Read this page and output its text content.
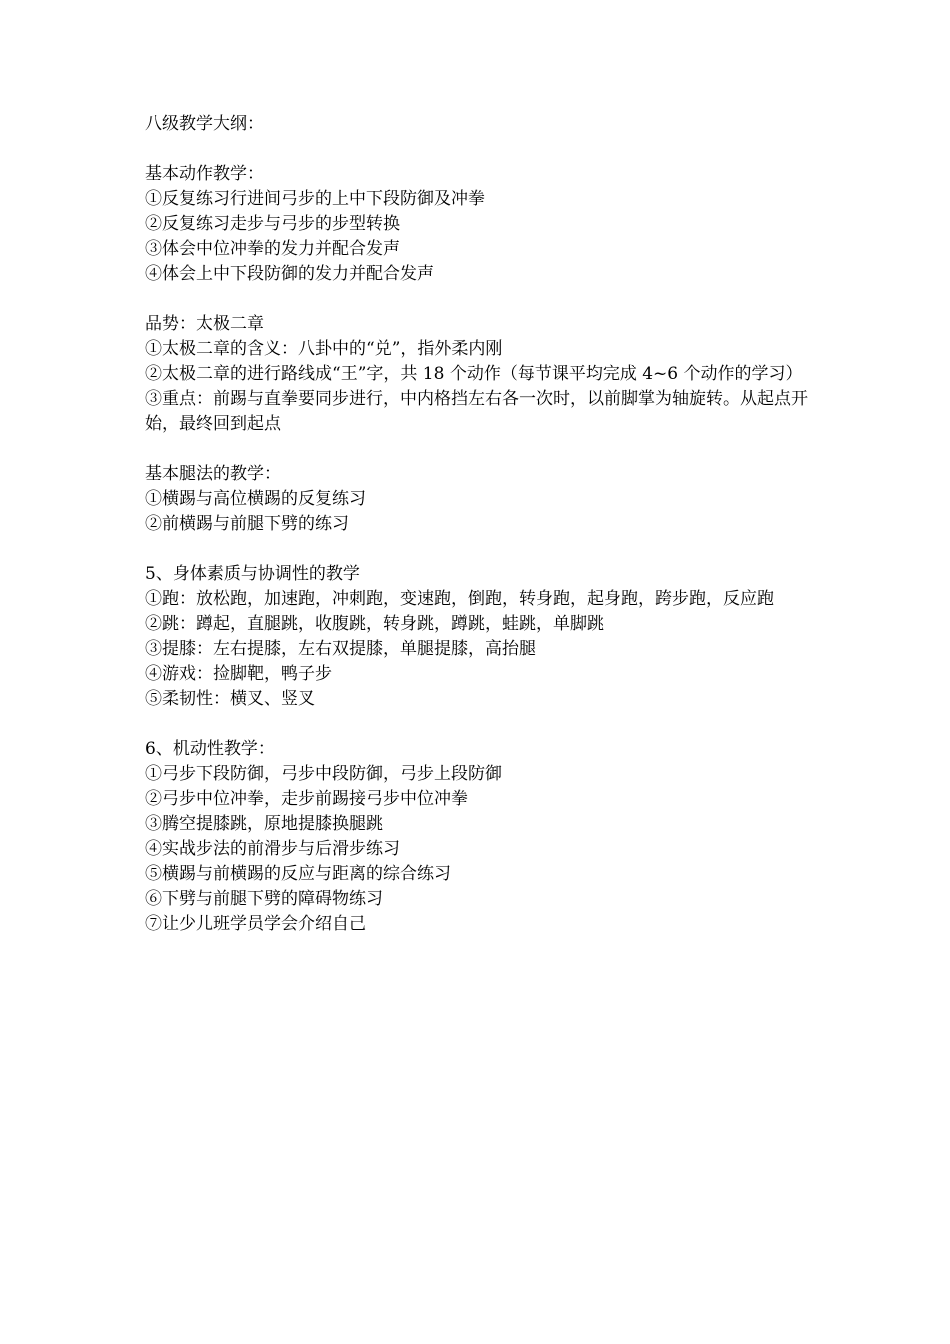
八级教学大纲：
基本动作教学：
①反复练习行进间弓步的上中下段防御及冲拳
②反复练习走步与弓步的步型转换
③体会中位冲拳的发力并配合发声
④体会上中下段防御的发力并配合发声
品势：太极二章
①太极二章的含义：八卦中的“兑”，指外柔内刚
②太极二章的进行路线成“王”字，共 18 个动作（每节课平均完成 4~6 个动作的学习）
③重点：前踢与直拳要同步进行，中内格挡左右各一次时，以前脚掌为轴旋转。从起点开始，最终回到起点
基本腿法的教学：
①横踢与高位横踢的反复练习
②前横踢与前腿下劈的练习
5、身体素质与协调性的教学
①跑：放松跑，加速跑，冲刺跑，变速跑，倒跑，转身跑，起身跑，跨步跑，反应跑
②跳：蹲起，直腿跳，收腹跳，转身跳，蹲跳，蛙跳，单脚跳
③提膝：左右提膝，左右双提膝，单腿提膝，高抬腿
④游戏：捡脚靶，鸭子步
⑤柔韧性：横叉、竖叉
6、机动性教学：
①弓步下段防御，弓步中段防御，弓步上段防御
②弓步中位冲拳，走步前踢接弓步中位冲拳
③腾空提膝跳，原地提膝换腿跳
④实战步法的前滑步与后滑步练习
⑤横踢与前横踢的反应与距离的综合练习
⑥下劈与前腿下劈的障碍物练习
⑦让少儿班学员学会介绍自己
